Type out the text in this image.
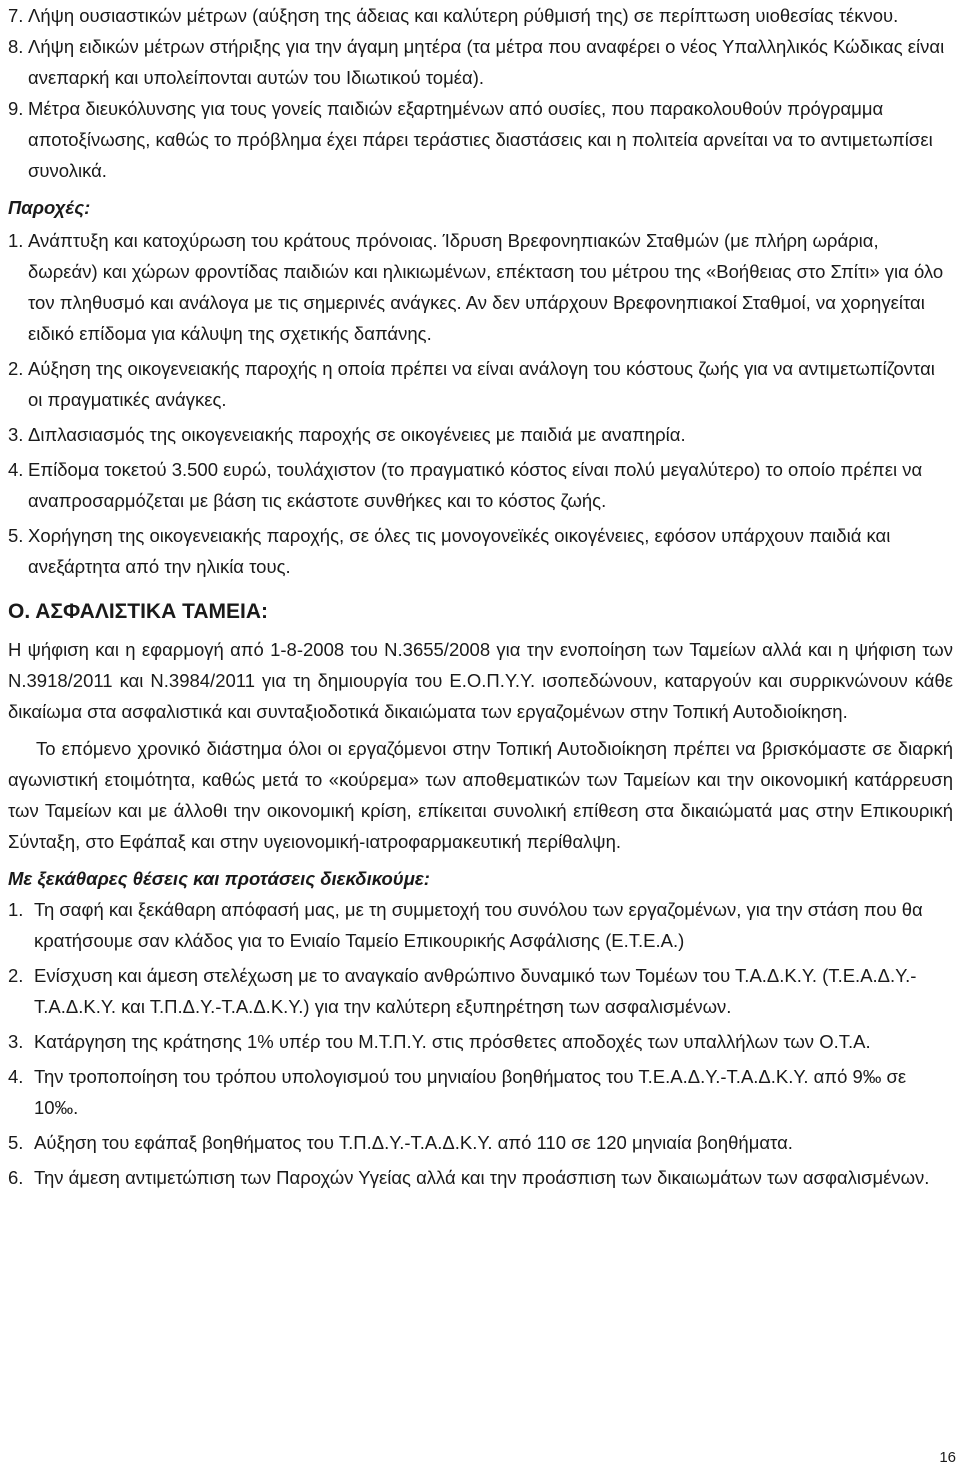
7. Λήψη ουσιαστικών μέτρων (αύξηση της άδειας και καλύτερη ρύθμισή της) σε περίπτωση υιοθεσίας τέκνου.
8. Λήψη ειδικών μέτρων στήριξης για την άγαμη μητέρα (τα μέτρα που αναφέρει ο νέος Υπαλληλικός Κώδικας είναι ανεπαρκή και υπολείπονται αυτών του Ιδιωτικού τομέα).
9. Μέτρα διευκόλυνσης για τους γονείς παιδιών εξαρτημένων από ουσίες, που παρακολουθούν πρόγραμμα αποτοξίνωσης, καθώς το πρόβλημα έχει πάρει τεράστιες διαστάσεις και η πολιτεία αρνείται να το αντιμετωπίσει συνολικά.
Παροχές:
1. Ανάπτυξη και κατοχύρωση του κράτους πρόνοιας. Ίδρυση Βρεφονηπιακών Σταθμών (με πλήρη ωράρια, δωρεάν) και χώρων φροντίδας παιδιών και ηλικιωμένων, επέκταση του μέτρου της «Βοήθειας στο Σπίτι» για όλο τον πληθυσμό και ανάλογα με τις σημερινές ανάγκες. Αν δεν υπάρχουν Βρεφονηπιακοί Σταθμοί, να χορηγείται ειδικό επίδομα για κάλυψη της σχετικής δαπάνης.
2. Αύξηση της οικογενειακής παροχής η οποία πρέπει να είναι ανάλογη του κόστους ζωής για να αντιμετωπίζονται οι πραγματικές ανάγκες.
3. Διπλασιασμός της οικογενειακής παροχής σε οικογένειες με παιδιά με αναπηρία.
4. Επίδομα τοκετού 3.500 ευρώ, τουλάχιστον (το πραγματικό κόστος είναι πολύ μεγαλύτερο) το οποίο πρέπει να αναπροσαρμόζεται με βάση τις εκάστοτε συνθήκες και το κόστος ζωής.
5. Χορήγηση της οικογενειακής παροχής, σε όλες τις μονογονεϊκές οικογένειες, εφόσον υπάρχουν παιδιά και ανεξάρτητα από την ηλικία τους.
Ο. ΑΣΦΑΛΙΣΤΙΚΑ ΤΑΜΕΙΑ:
Η ψήφιση και η εφαρμογή από 1-8-2008 του Ν.3655/2008 για την ενοποίηση των Ταμείων αλλά και η ψήφιση των Ν.3918/2011 και Ν.3984/2011 για τη δημιουργία του Ε.Ο.Π.Υ.Υ. ισοπεδώνουν, καταργούν και συρρικνώνουν κάθε δικαίωμα στα ασφαλιστικά και συνταξιοδοτικά δικαιώματα των εργαζομένων στην Τοπική Αυτοδιοίκηση.
Το επόμενο χρονικό διάστημα όλοι οι εργαζόμενοι στην Τοπική Αυτοδιοίκηση πρέπει να βρισκόμαστε σε διαρκή αγωνιστική ετοιμότητα, καθώς μετά το «κούρεμα» των αποθεματικών των Ταμείων και την οικονομική κατάρρευση των Ταμείων και με άλλοθι την οικονομική κρίση, επίκειται συνολική επίθεση στα δικαιώματά μας στην Επικουρική Σύνταξη, στο Εφάπαξ και στην υγειονομική-ιατροφαρμακευτική περίθαλψη.
Με ξεκάθαρες θέσεις και προτάσεις διεκδικούμε:
1. Τη σαφή και ξεκάθαρη απόφασή μας, με τη συμμετοχή του συνόλου των εργαζομένων, για την στάση που θα κρατήσουμε σαν κλάδος για το Ενιαίο Ταμείο Επικουρικής Ασφάλισης (Ε.Τ.Ε.Α.)
2. Ενίσχυση και άμεση στελέχωση με το αναγκαίο ανθρώπινο δυναμικό των Τομέων του Τ.Α.Δ.Κ.Υ. (Τ.Ε.Α.Δ.Υ.-Τ.Α.Δ.Κ.Υ. και Τ.Π.Δ.Υ.-Τ.Α.Δ.Κ.Υ.) για την καλύτερη εξυπηρέτηση των ασφαλισμένων.
3. Κατάργηση της κράτησης 1% υπέρ του Μ.Τ.Π.Υ. στις πρόσθετες αποδοχές των υπαλλήλων των Ο.Τ.Α.
4. Την τροποποίηση του τρόπου υπολογισμού του μηνιαίου βοηθήματος του Τ.Ε.Α.Δ.Υ.-Τ.Α.Δ.Κ.Υ. από 9‰ σε 10‰.
5. Αύξηση του εφάπαξ βοηθήματος του Τ.Π.Δ.Υ.-Τ.Α.Δ.Κ.Υ. από 110 σε 120 μηνιαία βοηθήματα.
6. Την άμεση αντιμετώπιση των Παροχών Υγείας αλλά και την προάσπιση των δικαιωμάτων των ασφαλισμένων.
16
